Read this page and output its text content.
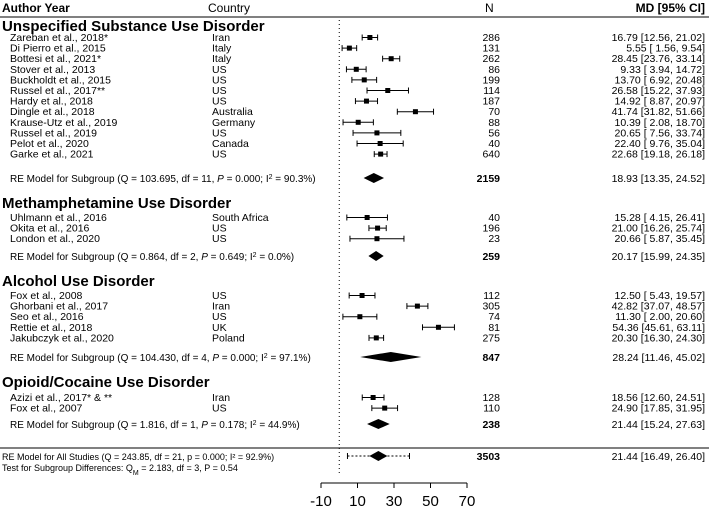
Author Year	Country	N	MD [95% CI]
Unspecified Substance Use Disorder
Zareban et al., 2018*	Iran	286	16.79 [12.56, 21.02]
Di Pierro et al., 2015	Italy	131	5.55 [ 1.56, 9.54]
Bottesi et al., 2021*	Italy	262	28.45 [23.76, 33.14]
Stover et al., 2013	US	86	9.33 [ 3.94, 14.72]
Buckholdt et al., 2015	US	199	13.70 [ 6.92, 20.48]
Russel et al., 2017**	US	114	26.58 [15.22, 37.93]
Hardy et al., 2018	US	187	14.92 [ 8.87, 20.97]
Dingle et al., 2018	Australia	70	41.74 [31.82, 51.66]
Krause-Utz et al., 2019	Germany	88	10.39 [ 2.08, 18.70]
Russel et al., 2019	US	56	20.65 [ 7.56, 33.74]
Pelot et al., 2020	Canada	40	22.40 [ 9.76, 35.04]
Garke et al., 2021	US	640	22.68 [19.18, 26.18]
RE Model for Subgroup (Q = 103.695, df = 11, P = 0.000; $I^2 = 90.3\%$)	2159	18.93 [13.35, 24.52]
Methamphetamine Use Disorder
Uhlmann et al., 2016	South Africa	40	15.28 [ 4.15, 26.41]
Okita et al., 2016	US	196	21.00 [16.26, 25.74]
London et al., 2020	US	23	20.66 [ 5.87, 35.45]
RE Model for Subgroup (Q = 0.864, df = 2, P = 0.649; $I^2 = 0.0\%$)	259	20.17 [15.99, 24.35]
Alcohol Use Disorder
Fox et al., 2008	US	112	12.50 [ 5.43, 19.57]
Ghorbani et al., 2017	Iran	305	42.82 [37.07, 48.57]
Seo et al., 2016	US	74	11.30 [ 2.00, 20.60]
Rettie et al., 2018	UK	81	54.36 [45.61, 63.11]
Jakubczyk et al., 2020	Poland	275	20.30 [16.30, 24.30]
RE Model for Subgroup (Q = 104.430, df = 4, P = 0.000; $I^2 = 97.1\%$)	847	28.24 [11.46, 45.02]
Opioid/Cocaine Use Disorder
Azizi et al., 2017* & **	Iran	128	18.56 [12.60, 24.51]
Fox et al., 2007	US	110	24.90 [17.85, 31.95]
RE Model for Subgroup (Q = 1.816, df = 1, P = 0.178; $I^2 = 44.9\%$)	238	21.44 [15.24, 27.63]
RE Model for All Studies (Q = 243.85, df = 21, p = 0.000; I² = 92.9%)	3503	21.44 [16.49, 26.40]
Test for Subgroup Differences: $Q_M = 2.183$, df = 3, P = 0.54
-10 10 30 50 70
